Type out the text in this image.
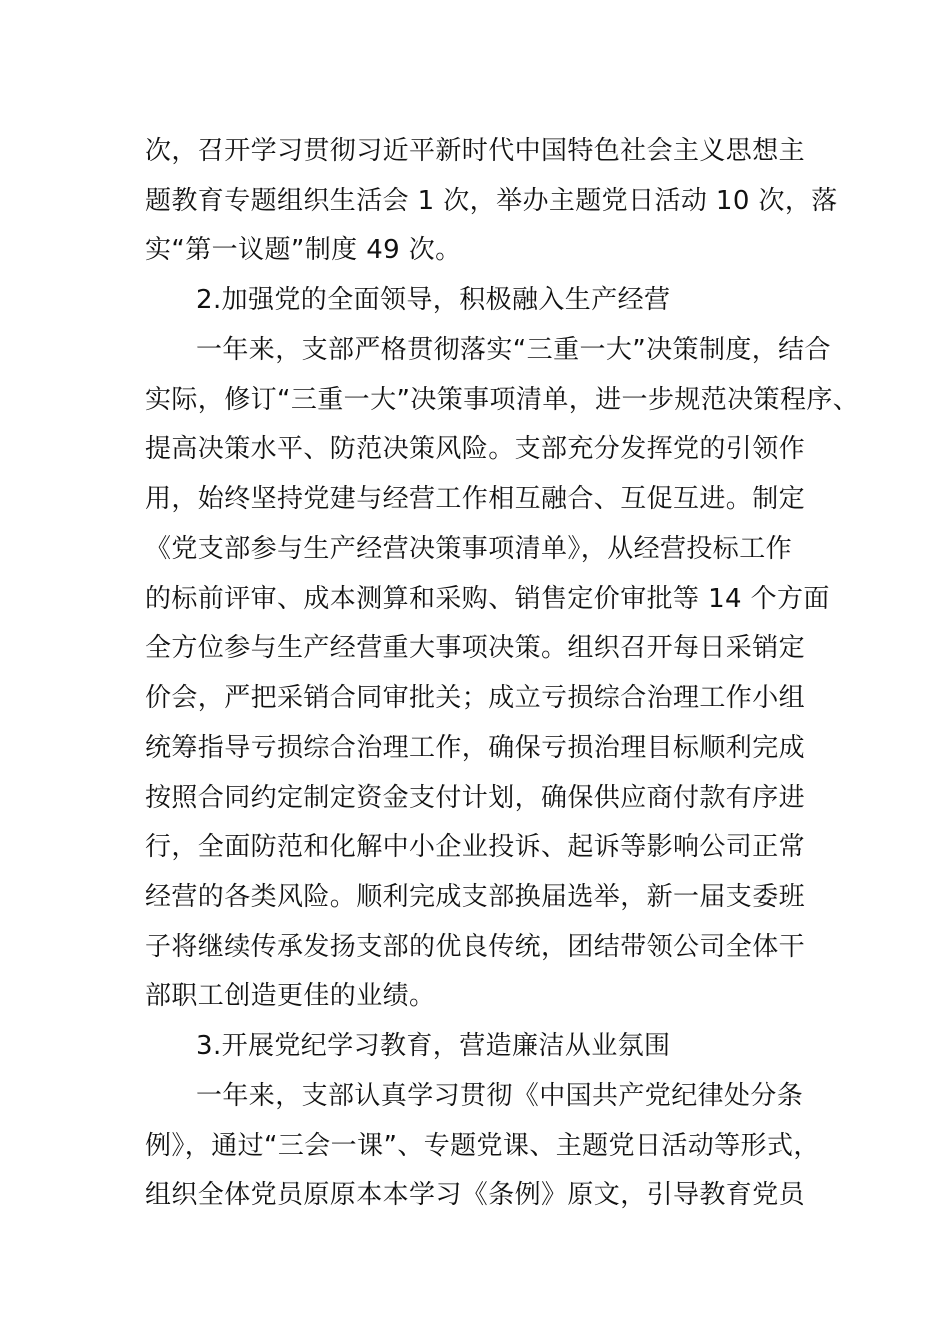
次，召开学习贯彻习近平新时代中国特色社会主义思想主
题教育专题组织生活会 1 次，举办主题党日活动 10 次，落
实“第一议题”制度 49 次。
2.加强党的全面领导，积极融入生产经营
一年来，支部严格贯彻落实“三重一大”决策制度，结合
实际，修订“三重一大”决策事项清单，进一步规范决策程序、
提高决策水平、防范决策风险。支部充分发挥党的引领作
用，始终坚持党建与经营工作相互融合、互促互进。制定
《党支部参与生产经营决策事项清单》，从经营投标工作
的标前评审、成本测算和采购、销售定价审批等 14 个方面
全方位参与生产经营重大事项决策。组织召开每日采销定
价会，严把采销合同审批关；成立亏损综合治理工作小组
统筹指导亏损综合治理工作，确保亏损治理目标顺利完成
按照合同约定制定资金支付计划，确保供应商付款有序进
行，全面防范和化解中小企业投诉、起诉等影响公司正常
经营的各类风险。顺利完成支部换届选举，新一届支委班
子将继续传承发扬支部的优良传统，团结带领公司全体干
部职工创造更佳的业绩。
3.开展党纪学习教育，营造廉洁从业氛围
一年来，支部认真学习贯彻《中国共产党纪律处分条
例》，通过“三会一课”、专题党课、主题党日活动等形式，
组织全体党员原原本本学习《条例》原文，引导教育党员
